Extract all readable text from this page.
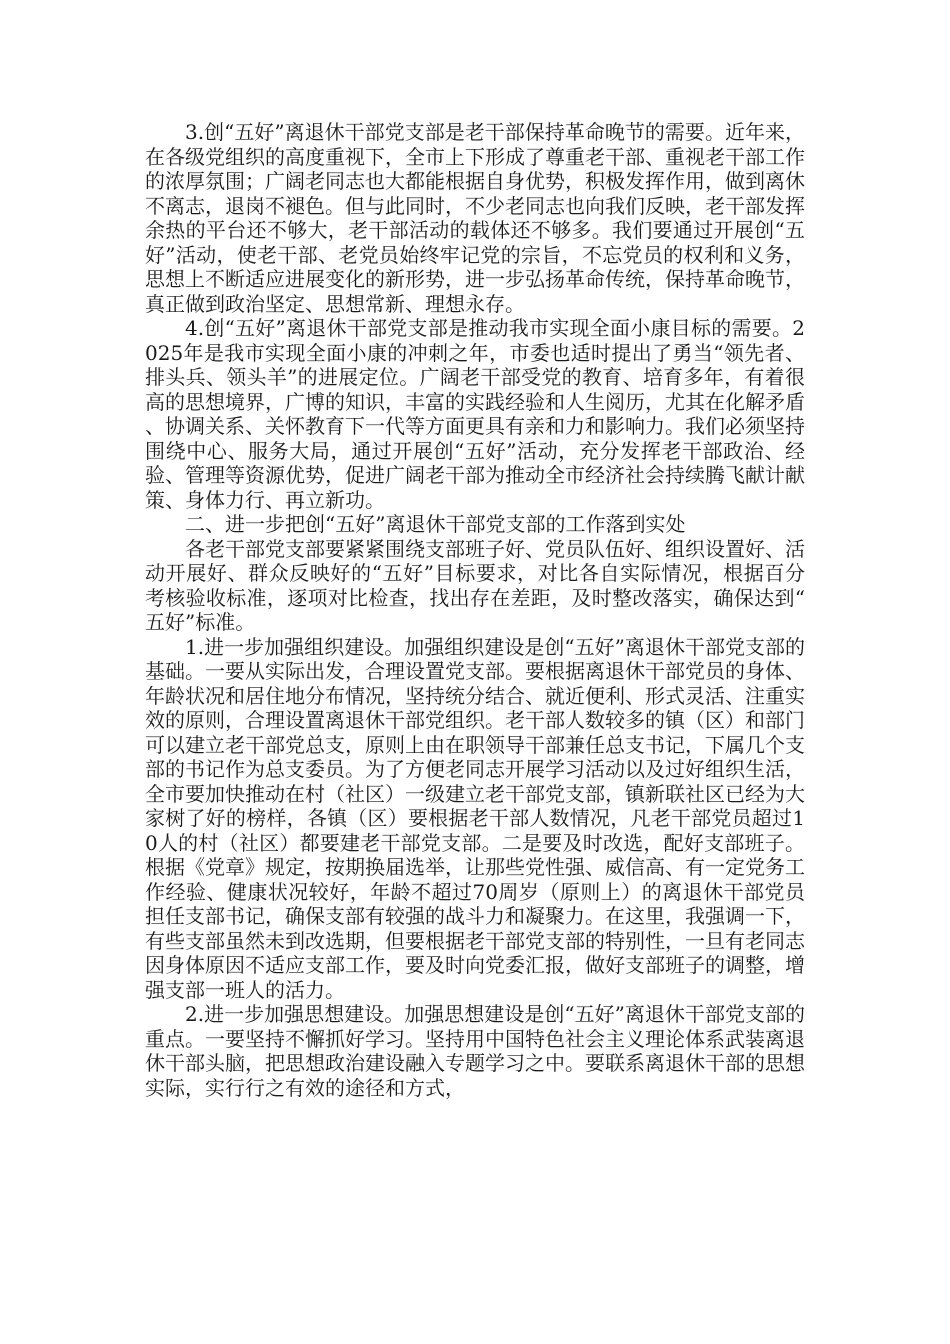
3.创“五好”离退休干部党支部是老干部保持革命晚节的需要。近年来，在各级党组织的高度重视下，全市上下形成了尊重老干部、重视老干部工作的浓厚氛围；广阔老同志也大都能根据自身优势，积极发挥作用，做到离休不离志，退岗不褪色。但与此同时，不少老同志也向我们反映，老干部发挥余热的平台还不够大，老干部活动的载体还不够多。我们要通过开展创“五好”活动，使老干部、老党员始终牢记党的宗旨，不忘党员的权利和义务，思想上不断适应进展变化的新形势，进一步弘扬革命传统，保持革命晚节，真正做到政治坚定、思想常新、理想永存。

4.创“五好”离退休干部党支部是推动我市实现全面小康目标的需要。2025年是我市实现全面小康的冲刺之年，市委也适时提出了勇当“领先者、排头兵、领头羊”的进展定位。广阔老干部受党的教育、培育多年，有着很高的思想境界，广博的知识，丰富的实践经验和人生阅历，尤其在化解矛盾、协调关系、关怀教育下一代等方面更具有亲和力和影响力。我们必须坚持围绕中心、服务大局，通过开展创“五好”活动，充分发挥老干部政治、经验、管理等资源优势，促进广阔老干部为推动全市经济社会持续腾飞献计献策、身体力行、再立新功。

二、进一步把创“五好”离退休干部党支部的工作落到实处

各老干部党支部要紧紧围绕支部班子好、党员队伍好、组织设置好、活动开展好、群众反映好的“五好”目标要求，对比各自实际情况，根据百分考核验收标准，逐项对比检查，找出存在差距，及时整改落实，确保达到“五好”标准。

1.进一步加强组织建设。加强组织建设是创“五好”离退休干部党支部的基础。一要从实际出发，合理设置党支部。要根据离退休干部党员的身体、年龄状况和居住地分布情况，坚持统分结合、就近便利、形式灵活、注重实效的原则，合理设置离退休干部党组织。老干部人数较多的镇（区）和部门可以建立老干部党总支，原则上由在职领导干部兼任总支书记，下属几个支部的书记作为总支委员。为了方便老同志开展学习活动以及过好组织生活，全市要加快推动在村（社区）一级建立老干部党支部，镇新联社区已经为大家树了好的榜样，各镇（区）要根据老干部人数情况，凡老干部党员超过10人的村（社区）都要建老干部党支部。二是要及时改选，配好支部班子。根据《党章》规定，按期换届选举，让那些党性强、威信高、有一定党务工作经验、健康状况较好，年龄不超过70周岁（原则上）的离退休干部党员担任支部书记，确保支部有较强的战斗力和凝聚力。在这里，我强调一下，有些支部虽然未到改选期，但要根据老干部党支部的特别性，一旦有老同志因身体原因不适应支部工作，要及时向党委汇报，做好支部班子的调整，增强支部一班人的活力。

2.进一步加强思想建设。加强思想建设是创“五好”离退休干部党支部的重点。一要坚持不懈抓好学习。坚持用中国特色社会主义理论体系武装离退休干部头脑，把思想政治建设融入专题学习之中。要联系离退休干部的思想实际，实行行之有效的途径和方式，
